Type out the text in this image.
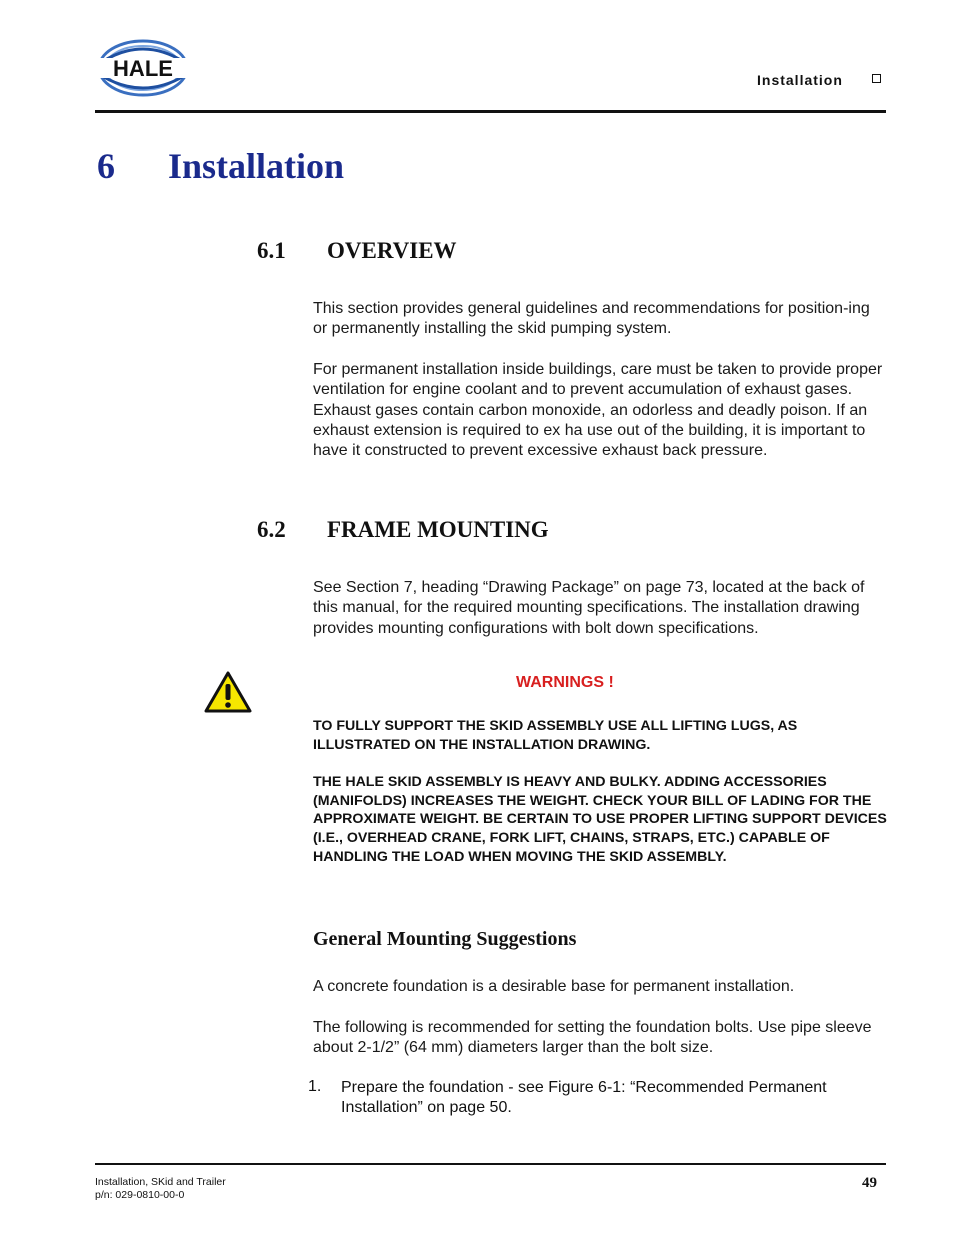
HALE	Installation
6 Installation
6.1 OVERVIEW
This section provides general guidelines and recommendations for position-ing or permanently installing the skid pumping system.
For permanent installation inside buildings, care must be taken to provide proper ventilation for engine coolant and to prevent accumulation of exhaust gases. Exhaust gases contain carbon monoxide, an odorless and deadly poison. If an exhaust extension is required to ex ha use out of the building, it is important to have it constructed to prevent excessive exhaust back pressure.
6.2 FRAME MOUNTING
See Section 7, heading “Drawing Package” on page 73, located at the back of this manual, for the required mounting specifications. The installation drawing provides mounting configurations with bolt down specifications.
WARNINGS !
TO FULLY SUPPORT THE SKID ASSEMBLY USE ALL LIFTING LUGS, AS ILLUSTRATED ON THE INSTALLATION DRAWING.
THE HALE SKID ASSEMBLY IS HEAVY AND BULKY. ADDING ACCESSORIES (MANIFOLDS) INCREASES THE WEIGHT. CHECK YOUR BILL OF LADING FOR THE APPROXIMATE WEIGHT. BE CERTAIN TO USE PROPER LIFTING SUPPORT DEVICES (I.E., OVERHEAD CRANE, FORK LIFT, CHAINS, STRAPS, ETC.) CAPABLE OF HANDLING THE LOAD WHEN MOVING THE SKID ASSEMBLY.
General Mounting Suggestions
A concrete foundation is a desirable base for permanent installation.
The following is recommended for setting the foundation bolts. Use pipe sleeve about 2-1/2” (64 mm) diameters larger than the bolt size.
1. Prepare the foundation - see Figure 6-1: “Recommended Permanent Installation” on page 50.
Installation, SKid and Trailer
p/n: 029-0810-00-0
49
